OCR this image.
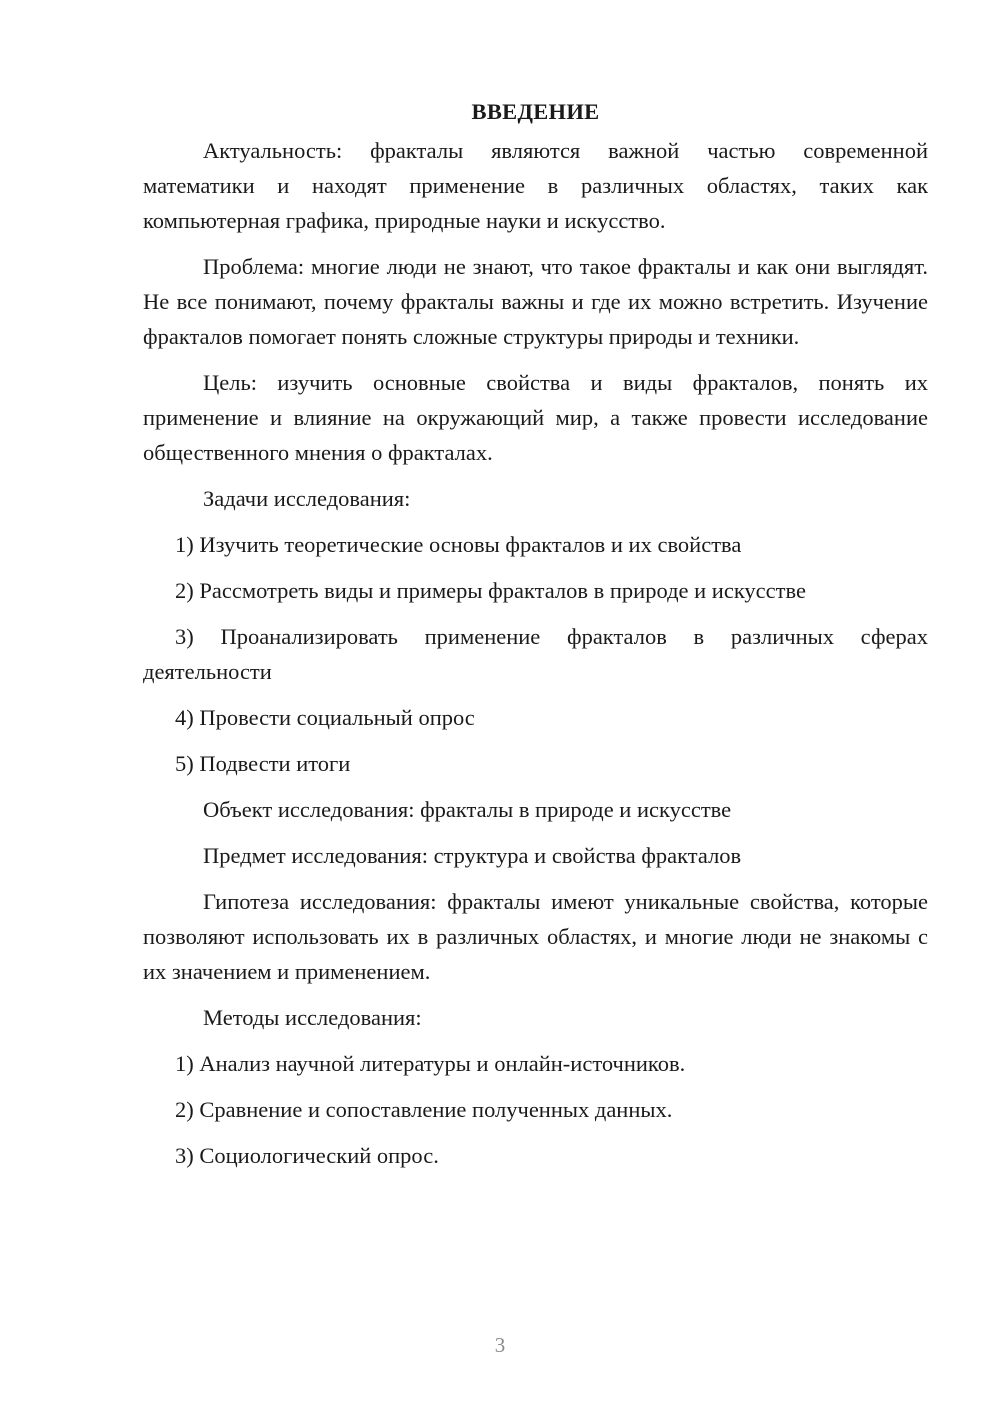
ВВЕДЕНИЕ

Актуальность: фракталы являются важной частью современной математики и находят применение в различных областях, таких как компьютерная графика, природные науки и искусство.

Проблема: многие люди не знают, что такое фракталы и как они выглядят. Не все понимают, почему фракталы важны и где их можно встретить. Изучение фракталов помогает понять сложные структуры природы и техники.

Цель: изучить основные свойства и виды фракталов, понять их применение и влияние на окружающий мир, а также провести исследование общественного мнения о фракталах.

Задачи исследования:

1) Изучить теоретические основы фракталов и их свойства

2) Рассмотреть виды и примеры фракталов в природе и искусстве

3) Проанализировать применение фракталов в различных сферах деятельности

4) Провести социальный опрос

5) Подвести итоги

Объект исследования: фракталы в природе и искусстве

Предмет исследования: структура и свойства фракталов

Гипотеза исследования: фракталы имеют уникальные свойства, которые позволяют использовать их в различных областях, и многие люди не знакомы с их значением и применением.

Методы исследования:

1) Анализ научной литературы и онлайн-источников.

2) Сравнение и сопоставление полученных данных.

3) Социологический опрос.

3
